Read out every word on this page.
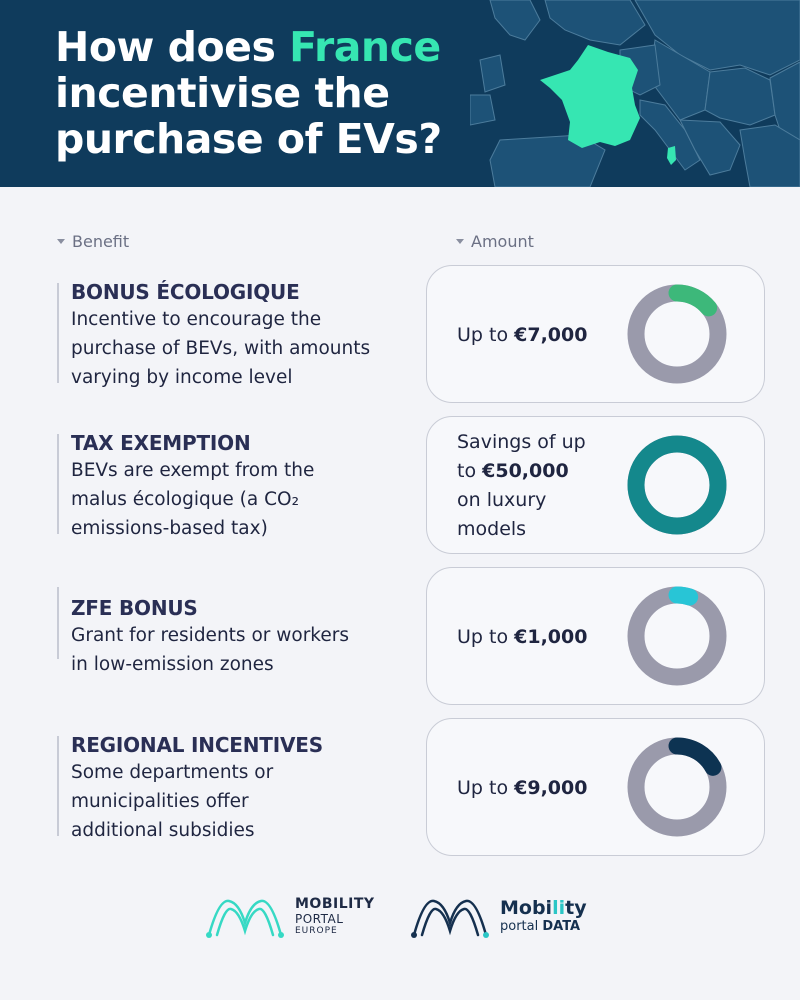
How does France
incentivise the
purchase of EVs?
Benefit	Amount
BONUS ÉCOLOGIQUE
Incentive to encourage the
purchase of BEVs, with amounts
varying by income level
Up to €7,000
TAX EXEMPTION
BEVs are exempt from the
malus écologique (a CO₂
emissions-based tax)
Savings of up
to €50,000
on luxury
models
ZFE BONUS
Grant for residents or workers
in low-emission zones
Up to €1,000
REGIONAL INCENTIVES
Some departments or
municipalities offer
additional subsidies
Up to €9,000
MOBILITY
PORTAL
EUROPE
Mobility
portal DATA
